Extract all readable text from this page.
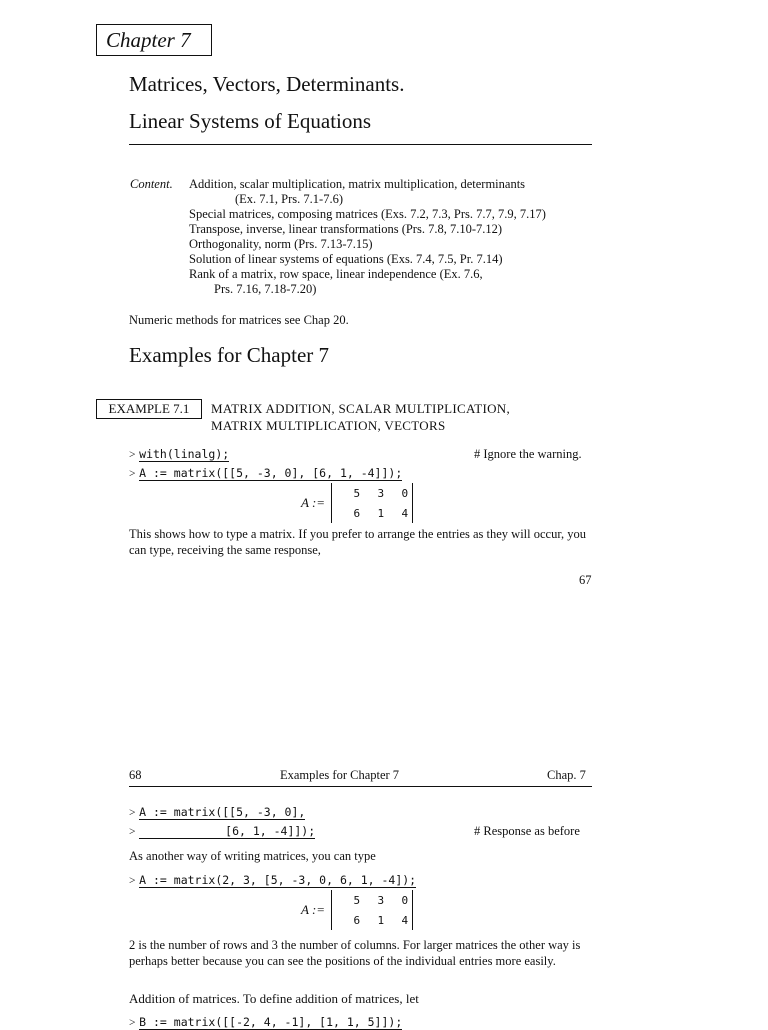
Chapter 7
Matrices, Vectors, Determinants.
Linear Systems of Equations
Content. Addition, scalar multiplication, matrix multiplication, determinants
(Ex. 7.1, Prs. 7.1-7.6)
Special matrices, composing matrices (Exs. 7.2, 7.3, Prs. 7.7, 7.9, 7.17)
Transpose, inverse, linear transformations (Prs. 7.8, 7.10-7.12)
Orthogonality, norm (Prs. 7.13-7.15)
Solution of linear systems of equations (Exs. 7.4, 7.5, Pr. 7.14)
Rank of a matrix, row space, linear independence (Ex. 7.6,
Prs. 7.16, 7.18-7.20)
Numeric methods for matrices see Chap 20.
Examples for Chapter 7
EXAMPLE 7.1	MATRIX ADDITION, SCALAR MULTIPLICATION,
MATRIX MULTIPLICATION, VECTORS
> with(linalg);	# Ignore the warning.
> A := matrix([[5, -3, 0], [6, 1, -4]]);
A :=
5	3	0
6	1	4
This shows how to type a matrix. If you prefer to arrange the entries as they will occur, you can type, receiving the same response,
67
68	Examples for Chapter 7	Chap. 7
> A := matrix([[5, -3, 0],
>	[6, 1, -4]]);	# Response as before
As another way of writing matrices, you can type
> A := matrix(2, 3, [5, -3, 0, 6, 1, -4]);
A :=
5	3	0
6	1	4
2 is the number of rows and 3 the number of columns. For larger matrices the other way is perhaps better because you can see the positions of the individual entries more easily.
Addition of matrices. To define addition of matrices, let
> B := matrix([[-2, 4, -1], [1, 1, 5]]);
